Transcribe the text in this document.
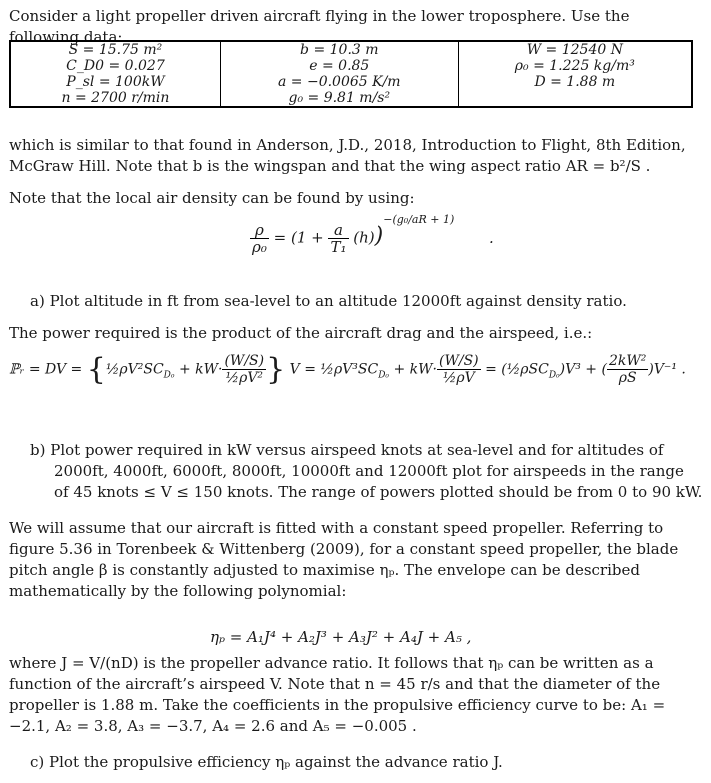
Consider a light propeller driven aircraft flying in the lower troposphere. Use the following data:

S = 15.75 m²	b = 10.3 m	W = 12540 N
C_D0 = 0.027	e = 0.85	ρ₀ = 1.225 kg/m³
P_sl = 100kW	a = −0.0065 K/m	D = 1.88 m
n = 2700 r/min	g₀ = 9.81 m/s²	

which is similar to that found in Anderson, J.D., 2018, Introduction to Flight, 8th Edition, McGraw Hill. Note that b is the wingspan and that the wing aspect ratio AR = b²/S .

Note that the local air density can be found by using:

$\frac{\rho}{\text{ρ₀}} = (1 + \frac{a}{\text{T₁}} (h))^{-(g_0/aR + 1)}$ .

a) Plot altitude in ft from sea-level to an altitude 12000ft against density ratio.

The power required is the product of the aircraft drag and the airspeed, i.e.:

ℙᵣ = DV = {$\frac{1}{2}\rho V^2SC_{D_0} + kW\cdot \frac{(W/S)}{\text{½ρV²}}$ } $V = \frac{1}{2}\rho V^3SC_{D_0} + kW\cdot \frac{(W/S)}{\text{½ρV}}$ = (½ρSC$_{D_0}$)V³ + ( $\frac{\text{2kW²}}{\rho S} )V^{-1}$ .

b) Plot power required in kW versus airspeed knots at sea-level and for altitudes of 2000ft, 4000ft, 6000ft, 8000ft, 10000ft and 12000ft plot for airspeeds in the range of 45 knots ≤ V ≤ 150 knots. The range of powers plotted should be from 0 to 90 kW.

We will assume that our aircraft is fitted with a constant speed propeller. Referring to figure 5.36 in Torenbeek & Wittenberg (2009), for a constant speed propeller, the blade pitch angle β is constantly adjusted to maximise ηₚ. The envelope can be described mathematically by the following polynomial:

ηₚ = A₁J⁴ + A₂J³ + A₃J² + A₄J + A₅ ,

where J = V/(nD) is the propeller advance ratio. It follows that ηₚ can be written as a function of the aircraft’s airspeed V. Note that n = 45 r/s and that the diameter of the propeller is 1.88 m. Take the coefficients in the propulsive efficiency curve to be: A₁ = −2.1, A₂ = 3.8, A₃ = −3.7, A₄ = 2.6 and A₅ = −0.005 .

c) Plot the propulsive efficiency ηₚ against the advance ratio J.
